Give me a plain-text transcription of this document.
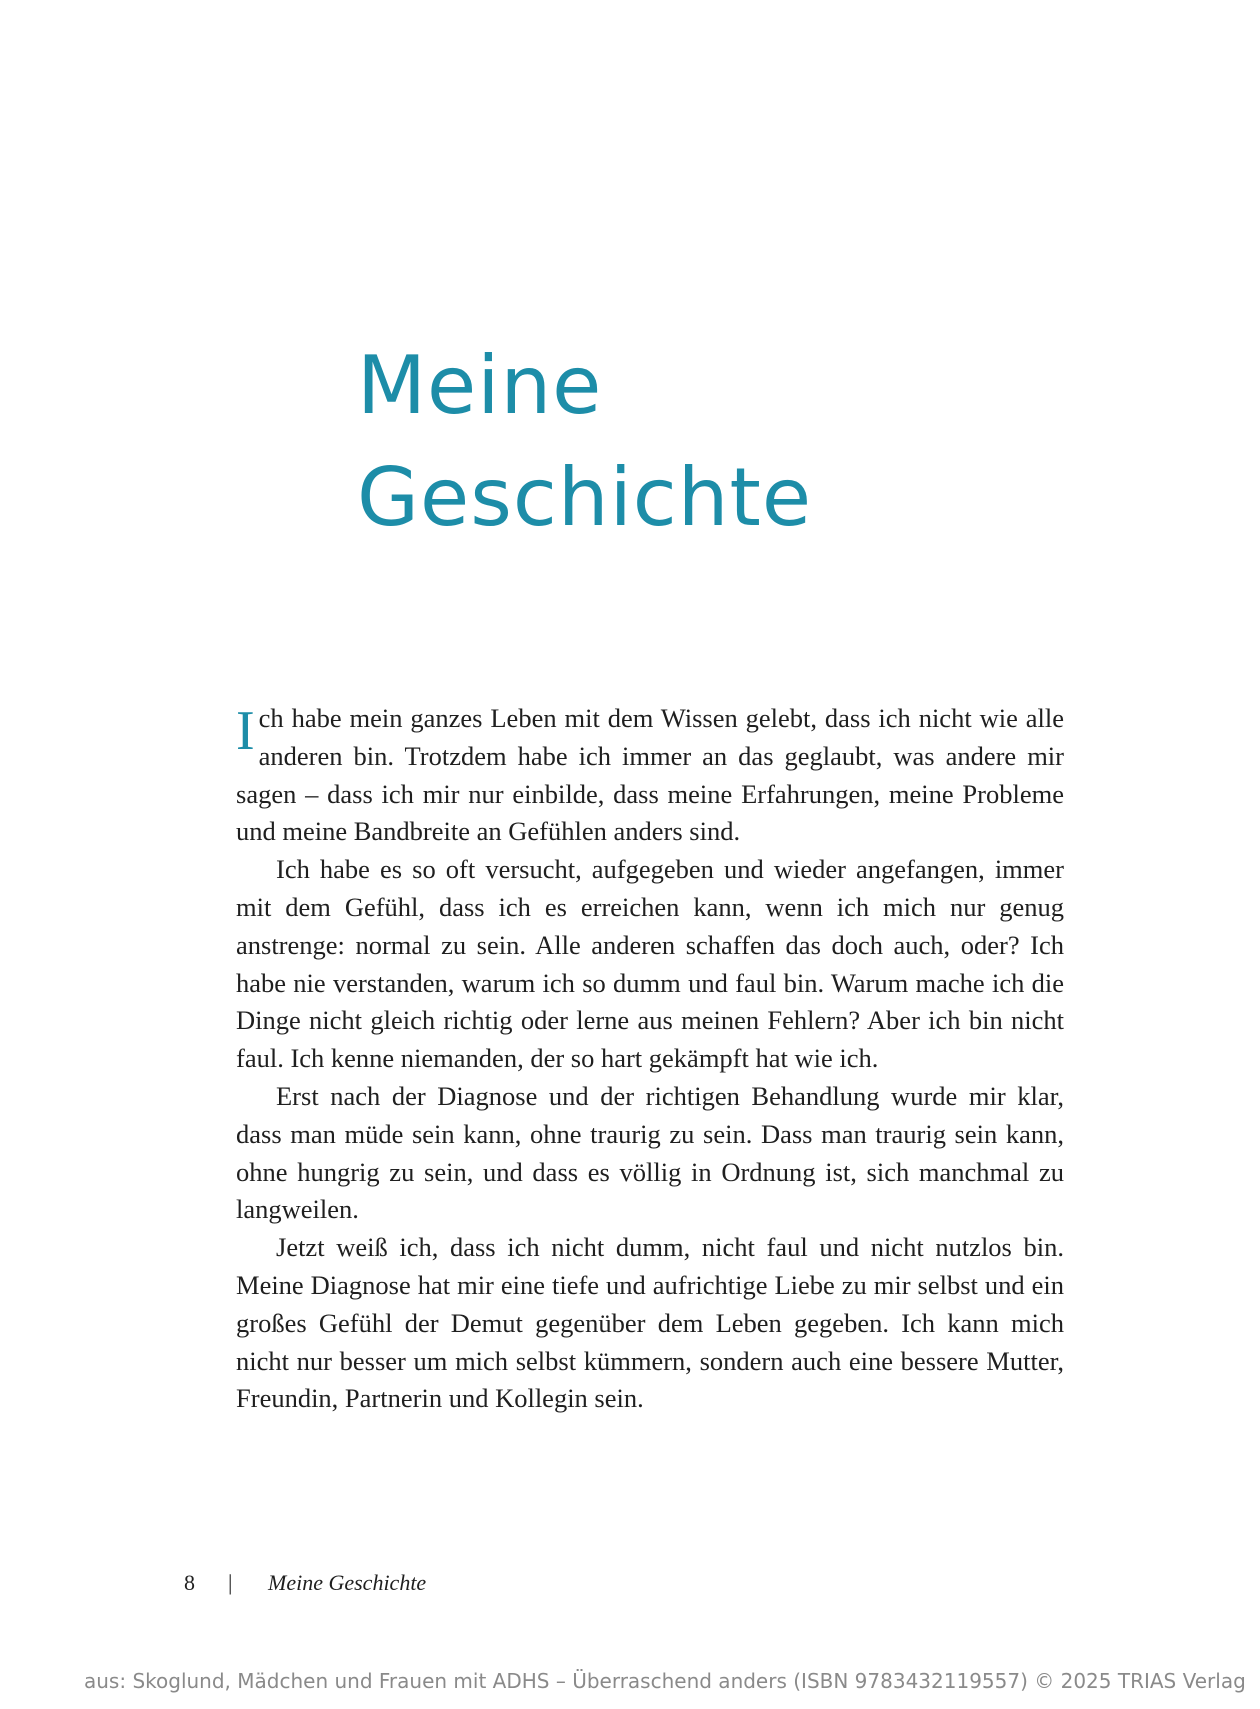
Meine
Geschichte

Ich habe mein ganzes Leben mit dem Wissen gelebt, dass ich nicht wie alle anderen bin. Trotzdem habe ich immer an das geglaubt, was andere mir sagen – dass ich mir nur einbilde, dass meine Erfahrungen, meine Probleme und meine Bandbreite an Gefühlen anders sind.

Ich habe es so oft versucht, aufgegeben und wieder angefangen, immer mit dem Gefühl, dass ich es erreichen kann, wenn ich mich nur genug anstrenge: normal zu sein. Alle anderen schaffen das doch auch, oder? Ich habe nie verstanden, warum ich so dumm und faul bin. Warum mache ich die Dinge nicht gleich richtig oder lerne aus meinen Fehlern? Aber ich bin nicht faul. Ich kenne niemanden, der so hart gekämpft hat wie ich.

Erst nach der Diagnose und der richtigen Behandlung wurde mir klar, dass man müde sein kann, ohne traurig zu sein. Dass man traurig sein kann, ohne hungrig zu sein, und dass es völlig in Ordnung ist, sich manchmal zu langweilen.

Jetzt weiß ich, dass ich nicht dumm, nicht faul und nicht nutzlos bin. Meine Diagnose hat mir eine tiefe und aufrichtige Liebe zu mir selbst und ein großes Gefühl der Demut gegenüber dem Leben gegeben. Ich kann mich nicht nur besser um mich selbst kümmern, sondern auch eine bessere Mutter, Freundin, Partnerin und Kollegin sein.

8 | Meine Geschichte
aus: Skoglund, Mädchen und Frauen mit ADHS – Überraschend anders (ISBN 9783432119557) © 2025 TRIAS Verlag
